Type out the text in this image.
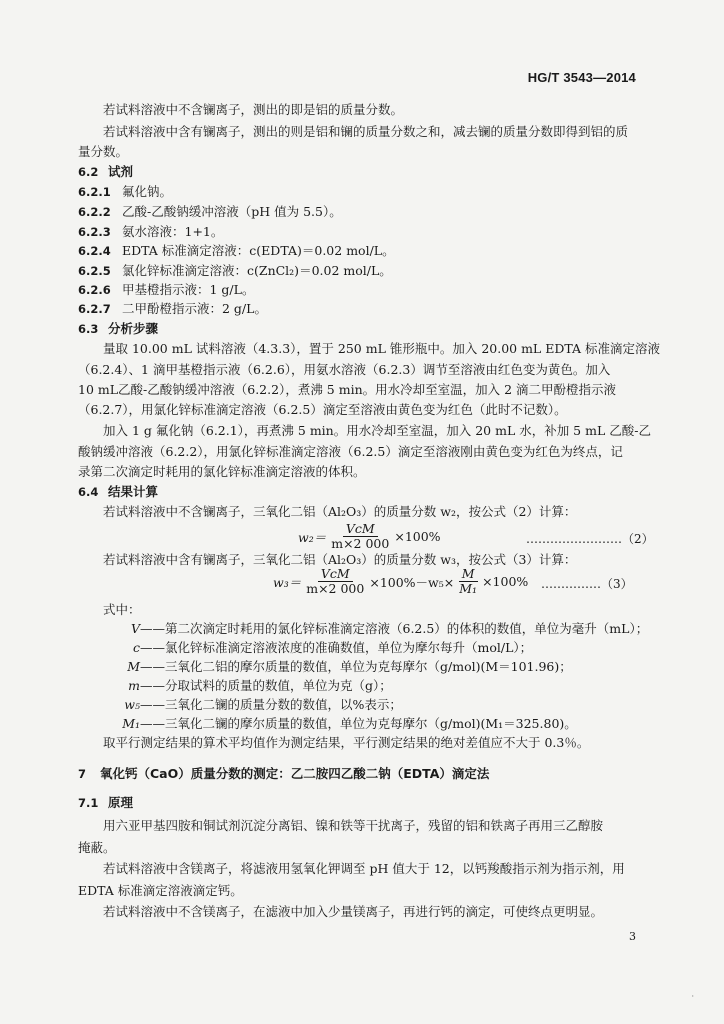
HG/T 3543—2014
若试料溶液中不含镧离子，测出的即是铝的质量分数。
若试料溶液中含有镧离子，测出的则是铝和镧的质量分数之和，减去镧的质量分数即得到铝的质
量分数。
6.2 试剂
6.2.1 氟化钠。
6.2.2 乙酸-乙酸钠缓冲溶液（pH 值为 5.5）。
6.2.3 氨水溶液：1+1。
6.2.4 EDTA 标准滴定溶液：c(EDTA)＝0.02 mol/L。
6.2.5 氯化锌标准滴定溶液：c(ZnCl₂)＝0.02 mol/L。
6.2.6 甲基橙指示液：1 g/L。
6.2.7 二甲酚橙指示液：2 g/L。
6.3 分析步骤
量取 10.00 mL 试料溶液（4.3.3），置于 250 mL 锥形瓶中。加入 20.00 mL EDTA 标准滴定溶液
（6.2.4）、1 滴甲基橙指示液（6.2.6），用氨水溶液（6.2.3）调节至溶液由红色变为黄色。加入
10 mL乙酸-乙酸钠缓冲溶液（6.2.2），煮沸 5 min。用水冷却至室温，加入 2 滴二甲酚橙指示液
（6.2.7），用氯化锌标准滴定溶液（6.2.5）滴定至溶液由黄色变为红色（此时不记数）。
加入 1 g 氟化钠（6.2.1），再煮沸 5 min。用水冷却至室温，加入 20 mL 水，补加 5 mL 乙酸-乙
酸钠缓冲溶液（6.2.2），用氯化锌标准滴定溶液（6.2.5）滴定至溶液刚由黄色变为红色为终点，记
录第二次滴定时耗用的氯化锌标准滴定溶液的体积。
6.4 结果计算
若试料溶液中不含镧离子，三氧化二铝（Al₂O₃）的质量分数 w₂，按公式（2）计算：
$w_2= \frac{\text{VcM}}{m\times 2 000} \times 100\%$	……………………（2）
若试料溶液中含有镧离子，三氧化二铝（Al₂O₃）的质量分数 w₃，按公式（3）计算：
$w_3= \frac{\text{VcM}}{m\times 2 000} \times 100\%-w_5\times \frac{M}{\text{M₁}} \times 100\%$ ……………（3）
式中：
V——第二次滴定时耗用的氯化锌标准滴定溶液（6.2.5）的体积的数值，单位为毫升（mL）；
c——氯化锌标准滴定溶液浓度的准确数值，单位为摩尔每升（mol/L）；
M——三氧化二铝的摩尔质量的数值，单位为克每摩尔（g/mol)(M＝101.96)；
m——分取试料的质量的数值，单位为克（g）；
w₅——三氧化二镧的质量分数的数值，以%表示；
M₁——三氧化二镧的摩尔质量的数值，单位为克每摩尔（g/mol)(M₁＝325.80)。
取平行测定结果的算术平均值作为测定结果，平行测定结果的绝对差值应不大于 0.3％。
7 氧化钙（CaO）质量分数的测定：乙二胺四乙酸二钠（EDTA）滴定法
7.1 原理
用六亚甲基四胺和铜试剂沉淀分离铝、镍和铁等干扰离子，残留的铝和铁离子再用三乙醇胺
掩蔽。
若试料溶液中含镁离子，将滤液用氢氧化钾调至 pH 值大于 12，以钙羧酸指示剂为指示剂，用
EDTA 标准滴定溶液滴定钙。
若试料溶液中不含镁离子，在滤液中加入少量镁离子，再进行钙的滴定，可使终点更明显。
3
·
